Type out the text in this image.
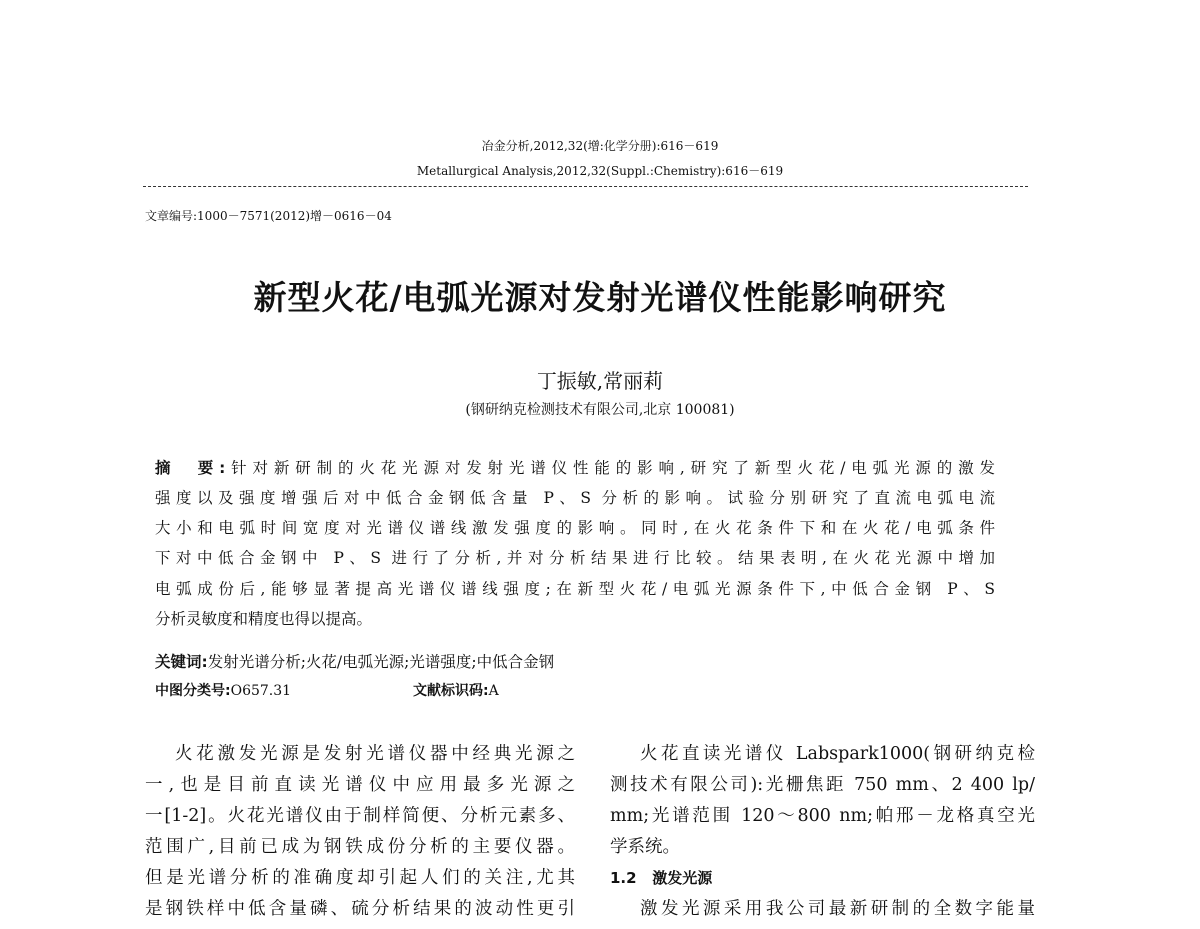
冶金分析,2012,32(增:化学分册):616－619
Metallurgical Analysis,2012,32(Suppl.:Chemistry):616－619
文章编号:1000－7571(2012)增－0616－04
新型火花/电弧光源对发射光谱仪性能影响研究
丁振敏,常丽莉
(钢研纳克检测技术有限公司,北京 100081)
摘　要:针对新研制的火花光源对发射光谱仪性能的影响,研究了新型火花/电弧光源的激发
强度以及强度增强后对中低合金钢低含量 P、S 分析的影响。试验分别研究了直流电弧电流
大小和电弧时间宽度对光谱仪谱线激发强度的影响。同时,在火花条件下和在火花/电弧条件
下对中低合金钢中 P、S 进行了分析,并对分析结果进行比较。结果表明,在火花光源中增加
电弧成份后,能够显著提高光谱仪谱线强度;在新型火花/电弧光源条件下,中低合金钢 P、S
分析灵敏度和精度也得以提高。
关键词:发射光谱分析;火花/电弧光源;光谱强度;中低合金钢
中图分类号:O657.31	文献标识码:A
火花激发光源是发射光谱仪器中经典光源之
一,也是目前直读光谱仪中应用最多光源之
一[1-2]。火花光谱仪由于制样简便、分析元素多、
范围广,目前已成为钢铁成份分析的主要仪器。
但是光谱分析的准确度却引起人们的关注,尤其
是钢铁样中低含量磷、硫分析结果的波动性更引
火花直读光谱仪 Labspark1000(钢研纳克检
测技术有限公司):光栅焦距 750 mm、2 400 lp/
mm;光谱范围 120～800 nm;帕邢－龙格真空光
学系统。
1.2 激发光源
激发光源采用我公司最新研制的全数字能量
